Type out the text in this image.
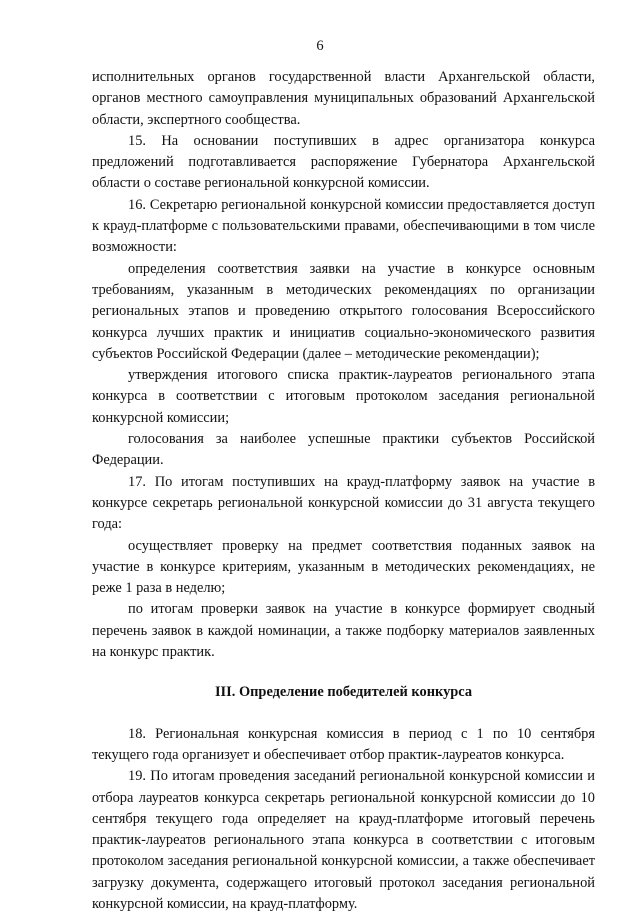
6

исполнительных органов государственной власти Архангельской области, органов местного самоуправления муниципальных образований Архангельской области, экспертного сообщества.

15. На основании поступивших в адрес организатора конкурса предложений подготавливается распоряжение Губернатора Архангельской области о составе региональной конкурсной комиссии.

16. Секретарю региональной конкурсной комиссии предоставляется доступ к крауд-платформе с пользовательскими правами, обеспечивающими в том числе возможности:

определения соответствия заявки на участие в конкурсе основным требованиям, указанным в методических рекомендациях по организации региональных этапов и проведению открытого голосования Всероссийского конкурса лучших практик и инициатив социально-экономического развития субъектов Российской Федерации (далее – методические рекомендации);

утверждения итогового списка практик-лауреатов регионального этапа конкурса в соответствии с итоговым протоколом заседания региональной конкурсной комиссии;

голосования за наиболее успешные практики субъектов Российской Федерации.

17. По итогам поступивших на крауд-платформу заявок на участие в конкурсе секретарь региональной конкурсной комиссии до 31 августа текущего года:

осуществляет проверку на предмет соответствия поданных заявок на участие в конкурсе критериям, указанным в методических рекомендациях, не реже 1 раза в неделю;

по итогам проверки заявок на участие в конкурсе формирует сводный перечень заявок в каждой номинации, а также подборку материалов заявленных на конкурс практик.

III. Определение победителей конкурса

18. Региональная конкурсная комиссия в период с 1 по 10 сентября текущего года организует и обеспечивает отбор практик-лауреатов конкурса.

19. По итогам проведения заседаний региональной конкурсной комиссии и отбора лауреатов конкурса секретарь региональной конкурсной комиссии до 10 сентября текущего года определяет на крауд-платформе итоговый перечень практик-лауреатов регионального этапа конкурса в соответствии с итоговым протоколом заседания региональной конкурсной комиссии, а также обеспечивает загрузку документа, содержащего итоговый протокол заседания региональной конкурсной комиссии, на крауд-платформу.
